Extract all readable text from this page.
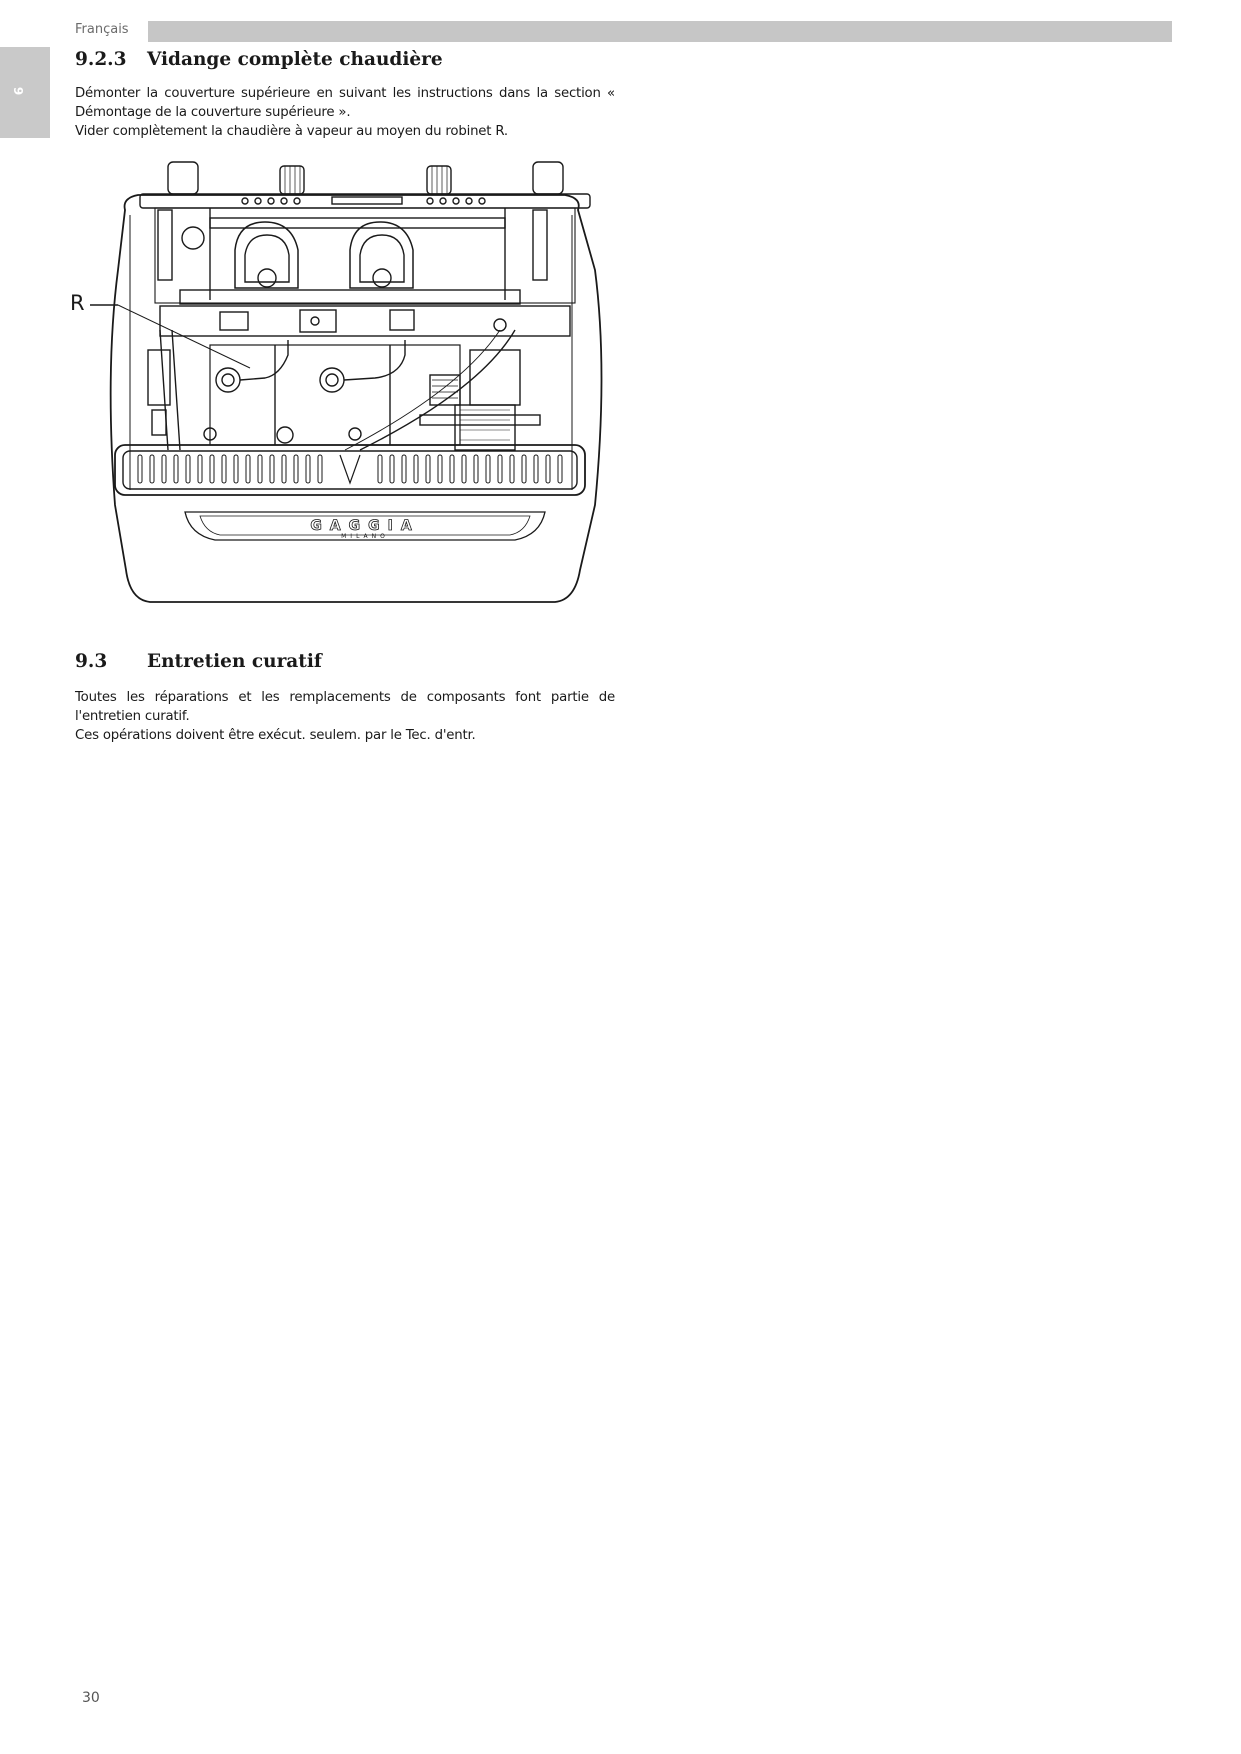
Français
9
9.2.3 Vidange complète chaudière

Démonter la couverture supérieure en suivant les instructions dans la section « Démontage de la couverture supérieure ».

Vider complètement la chaudière à vapeur au moyen du robinet R.

R
GAGGIA
MILANO
9.3 Entretien curatif

Toutes les réparations et les remplacements de composants font partie de l'entretien curatif.

Ces opérations doivent être exécut. seulem. par le Tec. d'entr.

30
